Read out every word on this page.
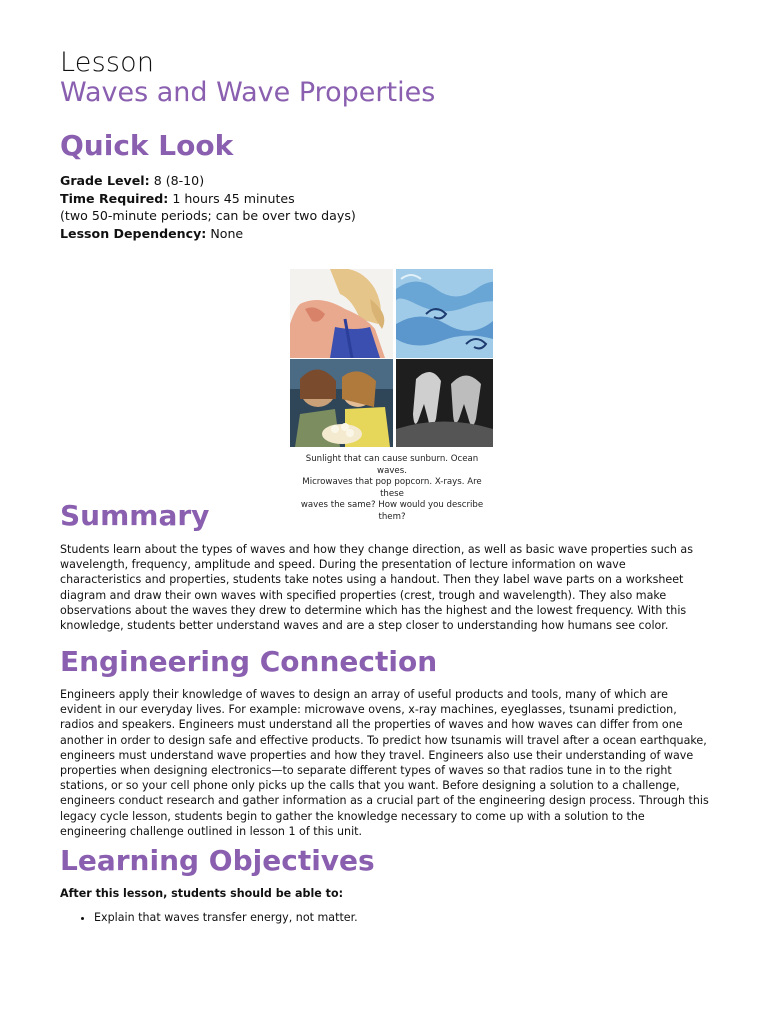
Lesson
Waves and Wave Properties
Quick Look
Grade Level: 8 (8-10)
Time Required: 1 hours 45 minutes
(two 50-minute periods; can be over two days)
Lesson Dependency: None
Sunlight that can cause sunburn. Ocean waves.
Microwaves that pop popcorn. X-rays. Are these
waves the same? How would you describe them?
Summary
Students learn about the types of waves and how they change direction, as well as basic wave properties such as wavelength, frequency, amplitude and speed. During the presentation of lecture information on wave characteristics and properties, students take notes using a handout. Then they label wave parts on a worksheet diagram and draw their own waves with specified properties (crest, trough and wavelength). They also make observations about the waves they drew to determine which has the highest and the lowest frequency. With this knowledge, students better understand waves and are a step closer to understanding how humans see color.
Engineering Connection
Engineers apply their knowledge of waves to design an array of useful products and tools, many of which are evident in our everyday lives. For example: microwave ovens, x-ray machines, eyeglasses, tsunami prediction, radios and speakers. Engineers must understand all the properties of waves and how waves can differ from one another in order to design safe and effective products. To predict how tsunamis will travel after a ocean earthquake, engineers must understand wave properties and how they travel. Engineers also use their understanding of wave properties when designing electronics—to separate different types of waves so that radios tune in to the right stations, or so your cell phone only picks up the calls that you want. Before designing a solution to a challenge, engineers conduct research and gather information as a crucial part of the engineering design process. Through this legacy cycle lesson, students begin to gather the knowledge necessary to come up with a solution to the engineering challenge outlined in lesson 1 of this unit.
Learning Objectives
After this lesson, students should be able to:
• Explain that waves transfer energy, not matter.
